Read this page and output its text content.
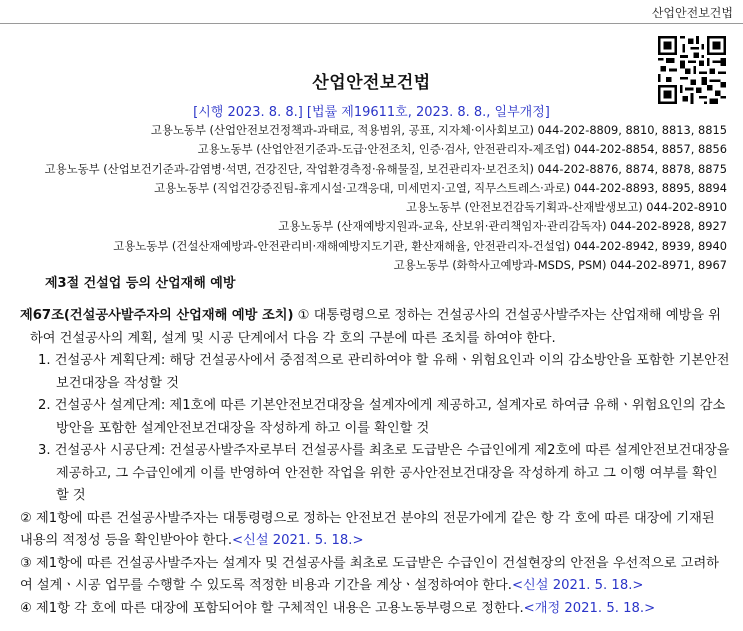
산업안전보건법
산업안전보건법
[시행 2023. 8. 8.] [법률 제19611호, 2023. 8. 8., 일부개정]
고용노동부 (산업안전보건정책과-과태료, 적용범위, 공표, 지자체·이사회보고) 044-202-8809, 8810, 8813, 8815
고용노동부 (산업안전기준과-도급·안전조치, 인증·검사, 안전관리자-제조업) 044-202-8854, 8857, 8856
고용노동부 (산업보건기준과-감염병·석면, 건강진단, 작업환경측정·유해물질, 보건관리자·보건조치) 044-202-8876, 8874, 8878, 8875
고용노동부 (직업건강증진팀-휴게시설·고객응대, 미세먼지·고열, 직무스트레스·과로) 044-202-8893, 8895, 8894
고용노동부 (안전보건감독기획과-산재발생보고) 044-202-8910
고용노동부 (산재예방지원과-교육, 산보위·관리책임자·관리감독자) 044-202-8928, 8927
고용노동부 (건설산재예방과-안전관리비·재해예방지도기관, 환산재해율, 안전관리자-건설업) 044-202-8942, 8939, 8940
고용노동부 (화학사고예방과-MSDS, PSM) 044-202-8971, 8967
제3절 건설업 등의 산업재해 예방

제67조(건설공사발주자의 산업재해 예방 조치) ① 대통령령으로 정하는 건설공사의 건설공사발주자는 산업재해 예방을 위하여 건설공사의 계획, 설계 및 시공 단계에서 다음 각 호의 구분에 따른 조치를 하여야 한다.

1. 건설공사 계획단계: 해당 건설공사에서 중점적으로 관리하여야 할 유해ㆍ위험요인과 이의 감소방안을 포함한 기본안전보건대장을 작성할 것

2. 건설공사 설계단계: 제1호에 따른 기본안전보건대장을 설계자에게 제공하고, 설계자로 하여금 유해ㆍ위험요인의 감소방안을 포함한 설계안전보건대장을 작성하게 하고 이를 확인할 것

3. 건설공사 시공단계: 건설공사발주자로부터 건설공사를 최초로 도급받은 수급인에게 제2호에 따른 설계안전보건대장을 제공하고, 그 수급인에게 이를 반영하여 안전한 작업을 위한 공사안전보건대장을 작성하게 하고 그 이행 여부를 확인할 것

② 제1항에 따른 건설공사발주자는 대통령령으로 정하는 안전보건 분야의 전문가에게 같은 항 각 호에 따른 대장에 기재된 내용의 적정성 등을 확인받아야 한다.<신설 2021. 5. 18.>

③ 제1항에 따른 건설공사발주자는 설계자 및 건설공사를 최초로 도급받은 수급인이 건설현장의 안전을 우선적으로 고려하여 설계ㆍ시공 업무를 수행할 수 있도록 적정한 비용과 기간을 계상ㆍ설정하여야 한다.<신설 2021. 5. 18.>

④ 제1항 각 호에 따른 대장에 포함되어야 할 구체적인 내용은 고용노동부령으로 정한다.<개정 2021. 5. 18.>
